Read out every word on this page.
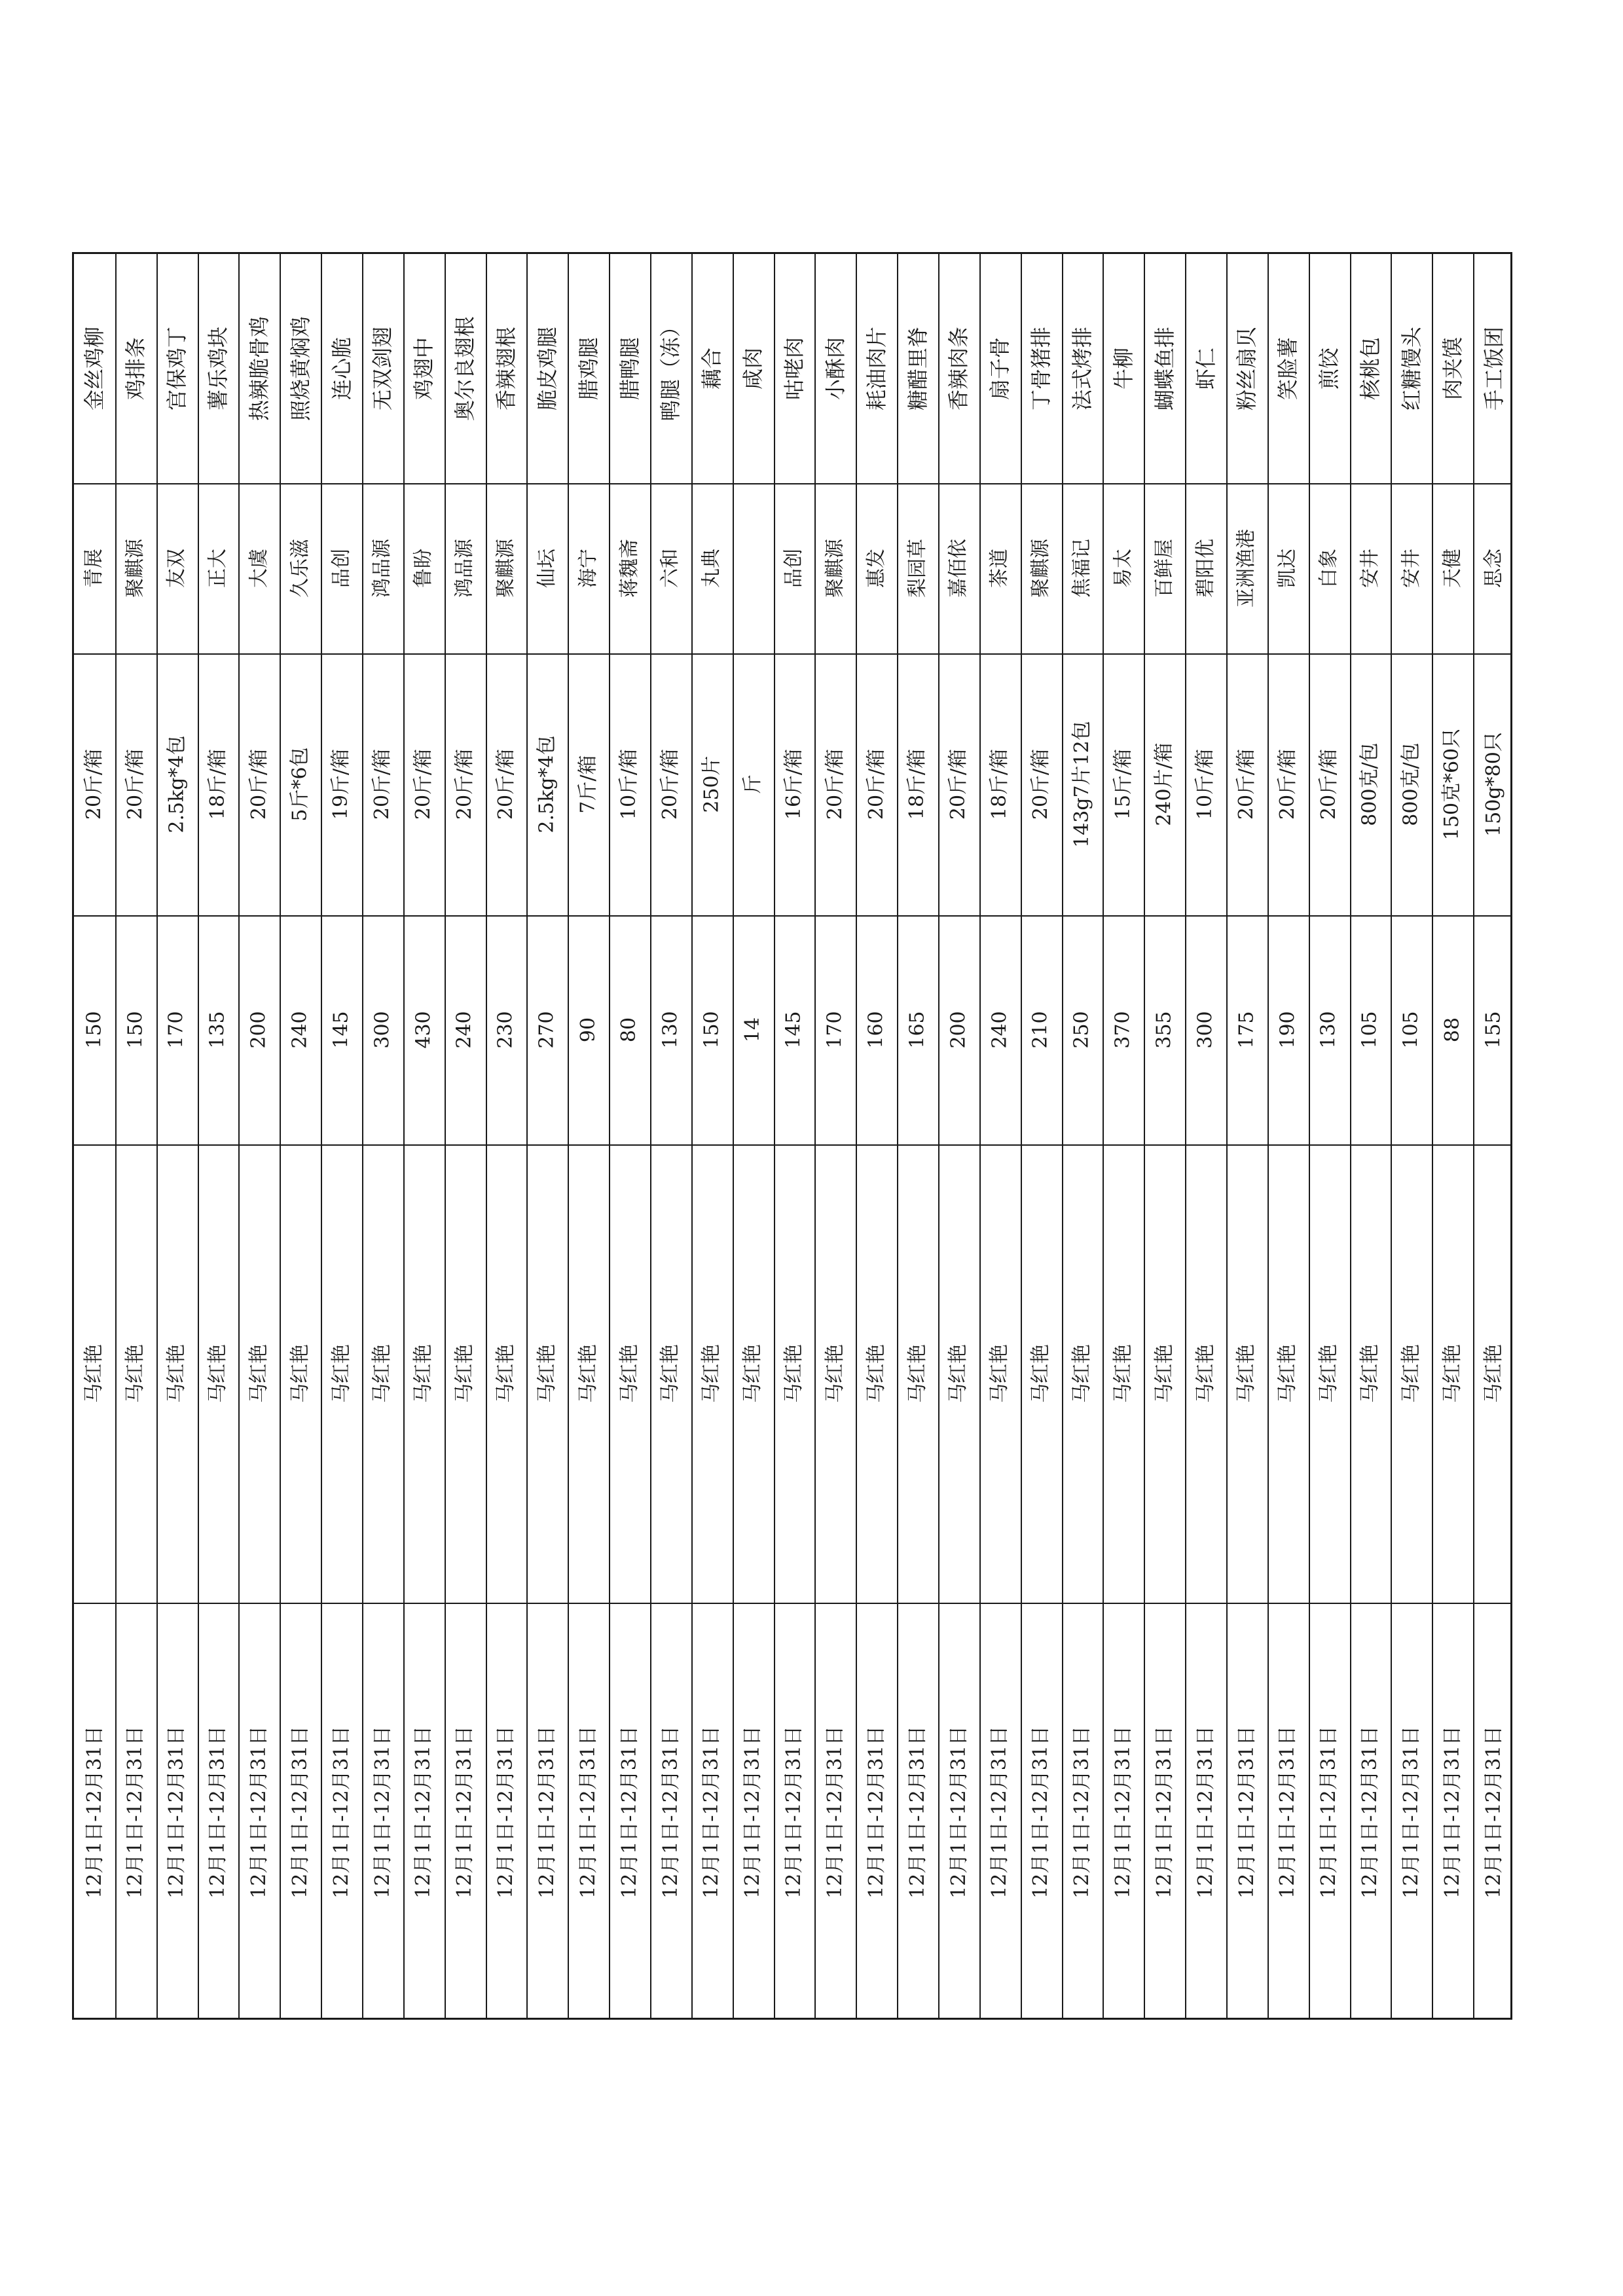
金丝鸡柳
青展
20斤/箱
150
马红艳
12月1日-12月31日
鸡排条
聚麒源
20斤/箱
150
马红艳
12月1日-12月31日
宫保鸡丁
友双
2.5kg*4包
170
马红艳
12月1日-12月31日
薯乐鸡块
正大
18斤/箱
135
马红艳
12月1日-12月31日
热辣脆骨鸡
大虞
20斤/箱
200
马红艳
12月1日-12月31日
照烧黄焖鸡
久乐滋
5斤*6包
240
马红艳
12月1日-12月31日
连心脆
品创
19斤/箱
145
马红艳
12月1日-12月31日
无双剑翅
鸿品源
20斤/箱
300
马红艳
12月1日-12月31日
鸡翅中
鲁盼
20斤/箱
430
马红艳
12月1日-12月31日
奥尔良翅根
鸿品源
20斤/箱
240
马红艳
12月1日-12月31日
香辣翅根
聚麒源
20斤/箱
230
马红艳
12月1日-12月31日
脆皮鸡腿
仙坛
2.5kg*4包
270
马红艳
12月1日-12月31日
腊鸡腿
海宁
7斤/箱
90
马红艳
12月1日-12月31日
腊鸭腿
蒋魏斋
10斤/箱
80
马红艳
12月1日-12月31日
鸭腿（冻）
六和
20斤/箱
130
马红艳
12月1日-12月31日
藕合
丸典
250片
150
马红艳
12月1日-12月31日
咸肉
斤
14
马红艳
12月1日-12月31日
咕咾肉
品创
16斤/箱
145
马红艳
12月1日-12月31日
小酥肉
聚麒源
20斤/箱
170
马红艳
12月1日-12月31日
耗油肉片
惠发
20斤/箱
160
马红艳
12月1日-12月31日
糖醋里脊
梨园草
18斤/箱
165
马红艳
12月1日-12月31日
香辣肉条
嘉佰依
20斤/箱
200
马红艳
12月1日-12月31日
扇子骨
茶道
18斤/箱
240
马红艳
12月1日-12月31日
丁骨猪排
聚麒源
20斤/箱
210
马红艳
12月1日-12月31日
法式烤排
焦福记
143g7片12包
250
马红艳
12月1日-12月31日
牛柳
易太
15斤/箱
370
马红艳
12月1日-12月31日
蝴蝶鱼排
百鲜屋
240片/箱
355
马红艳
12月1日-12月31日
虾仁
碧阳优
10斤/箱
300
马红艳
12月1日-12月31日
粉丝扇贝
亚洲渔港
20斤/箱
175
马红艳
12月1日-12月31日
笑脸薯
凯达
20斤/箱
190
马红艳
12月1日-12月31日
煎饺
白象
20斤/箱
130
马红艳
12月1日-12月31日
核桃包
安井
800克/包
105
马红艳
12月1日-12月31日
红糖馒头
安井
800克/包
105
马红艳
12月1日-12月31日
肉夹馍
天健
150克*60只
88
马红艳
12月1日-12月31日
手工饭团
思念
150g*80只
155
马红艳
12月1日-12月31日
